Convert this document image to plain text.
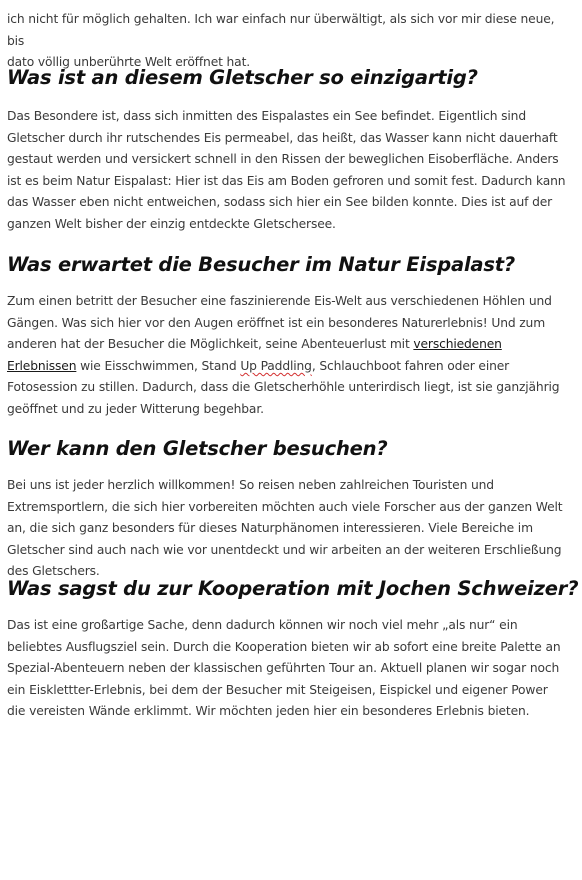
ich nicht für möglich gehalten. Ich war einfach nur überwältigt, als sich vor mir diese neue, bis
dato völlig unberührte Welt eröffnet hat.
Was ist an diesem Gletscher so einzigartig?

Das Besondere ist, dass sich inmitten des Eispalastes ein See befindet. Eigentlich sind Gletscher durch ihr rutschendes Eis permeabel, das heißt, das Wasser kann nicht dauerhaft gestaut werden und versickert schnell in den Rissen der beweglichen Eisoberfläche. Anders ist es beim Natur Eispalast: Hier ist das Eis am Boden gefroren und somit fest. Dadurch kann das Wasser eben nicht entweichen, sodass sich hier ein See bilden konnte. Dies ist auf der ganzen Welt bisher der einzig entdeckte Gletschersee.

Was erwartet die Besucher im Natur Eispalast?

Zum einen betritt der Besucher eine faszinierende Eis-Welt aus verschiedenen Höhlen und Gängen. Was sich hier vor den Augen eröffnet ist ein besonderes Naturerlebnis! Und zum anderen hat der Besucher die Möglichkeit, seine Abenteuerlust mit verschiedenen Erlebnissen wie Eisschwimmen, Stand Up Paddling, Schlauchboot fahren oder einer Fotosession zu stillen. Dadurch, dass die Gletscherhöhle unterirdisch liegt, ist sie ganzjährig geöffnet und zu jeder Witterung begehbar.

Wer kann den Gletscher besuchen?

Bei uns ist jeder herzlich willkommen! So reisen neben zahlreichen Touristen und Extremsportlern, die sich hier vorbereiten möchten auch viele Forscher aus der ganzen Welt an, die sich ganz besonders für dieses Naturphänomen interessieren. Viele Bereiche im Gletscher sind auch nach wie vor unentdeckt und wir arbeiten an der weiteren Erschließung des Gletschers.

Was sagst du zur Kooperation mit Jochen Schweizer?

Das ist eine großartige Sache, denn dadurch können wir noch viel mehr „als nur“ ein beliebtes Ausflugsziel sein. Durch die Kooperation bieten wir ab sofort eine breite Palette an Spezial-Abenteuern neben der klassischen geführten Tour an. Aktuell planen wir sogar noch ein Eisklettter-Erlebnis, bei dem der Besucher mit Steigeisen, Eispickel und eigener Power die vereisten Wände erklimmt. Wir möchten jeden hier ein besonderes Erlebnis bieten.
